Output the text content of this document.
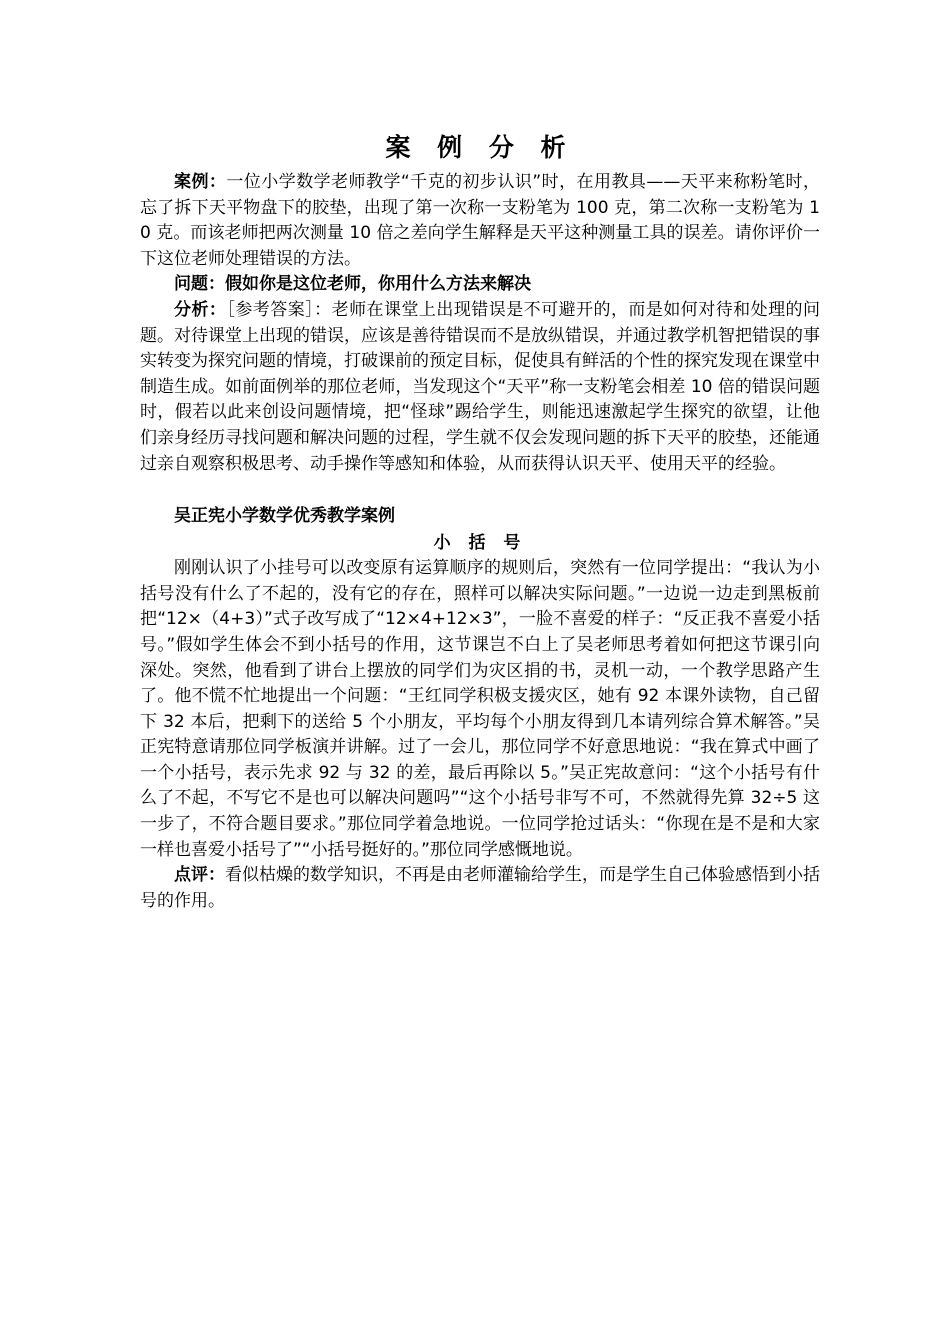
案 例 分 析

案例：一位小学数学老师教学“千克的初步认识”时，在用教具——天平来称粉笔时，忘了拆下天平物盘下的胶垫，出现了第一次称一支粉笔为 100 克，第二次称一支粉笔为 10 克。而该老师把两次测量 10 倍之差向学生解释是天平这种测量工具的误差。请你评价一下这位老师处理错误的方法。

问题：假如你是这位老师，你用什么方法来解决

分析：［参考答案］：老师在课堂上出现错误是不可避开的，而是如何对待和处理的问题。对待课堂上出现的错误，应该是善待错误而不是放纵错误，并通过教学机智把错误的事实转变为探究问题的情境，打破课前的预定目标，促使具有鲜活的个性的探究发现在课堂中制造生成。如前面例举的那位老师，当发现这个“天平”称一支粉笔会相差 10 倍的错误问题时，假若以此来创设问题情境，把“怪球”踢给学生，则能迅速激起学生探究的欲望，让他们亲身经历寻找问题和解决问题的过程，学生就不仅会发现问题的拆下天平的胶垫，还能通过亲自观察积极思考、动手操作等感知和体验，从而获得认识天平、使用天平的经验。

吴正宪小学数学优秀教学案例

小 括 号

刚刚认识了小挂号可以改变原有运算顺序的规则后，突然有一位同学提出：“我认为小括号没有什么了不起的，没有它的存在，照样可以解决实际问题。”一边说一边走到黑板前把“12×（4+3）”式子改写成了“12×4+12×3”，一脸不喜爱的样子：“反正我不喜爱小括号。”假如学生体会不到小括号的作用，这节课岂不白上了吴老师思考着如何把这节课引向深处。突然，他看到了讲台上摆放的同学们为灾区捐的书，灵机一动，一个教学思路产生了。他不慌不忙地提出一个问题：“王红同学积极支援灾区，她有 92 本课外读物，自己留下 32 本后，把剩下的送给 5 个小朋友，平均每个小朋友得到几本请列综合算术解答。”吴正宪特意请那位同学板演并讲解。过了一会儿，那位同学不好意思地说：“我在算式中画了一个小括号，表示先求 92 与 32 的差，最后再除以 5。”吴正宪故意问：“这个小括号有什么了不起，不写它不是也可以解决问题吗”“这个小括号非写不可，不然就得先算 32÷5 这一步了，不符合题目要求。”那位同学着急地说。一位同学抢过话头：“你现在是不是和大家一样也喜爱小括号了”“小括号挺好的。”那位同学感慨地说。

点评：看似枯燥的数学知识，不再是由老师灌输给学生，而是学生自己体验感悟到小括号的作用。
